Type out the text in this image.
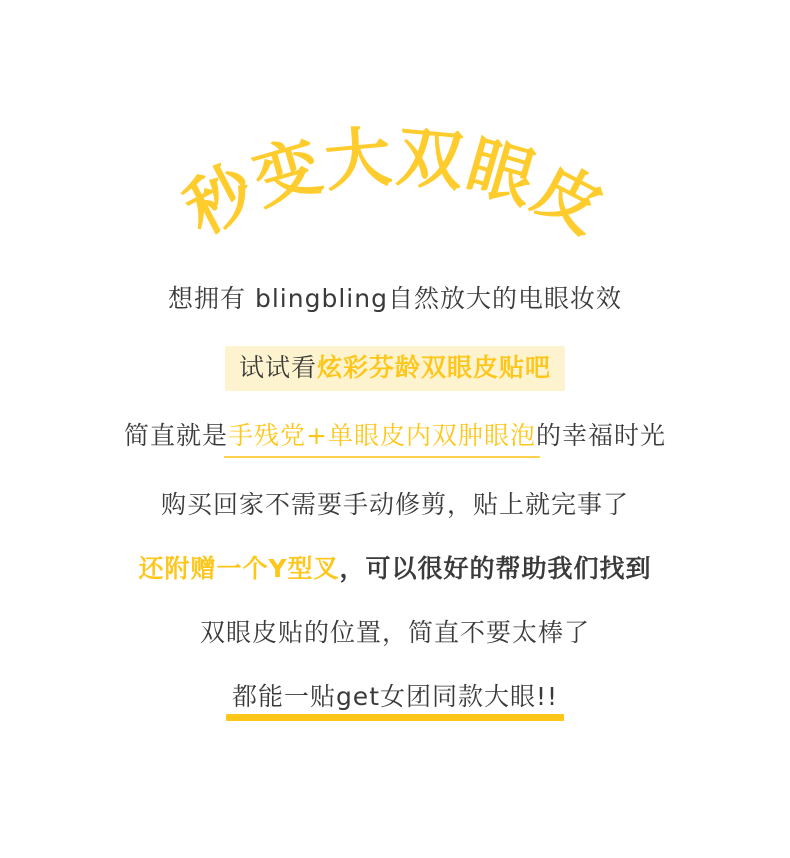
秒变大双眼皮

想拥有 blingbling自然放大的电眼妆效

试试看炫彩芬龄双眼皮贴吧

简直就是手残党+单眼皮内双肿眼泡的幸福时光

购买回家不需要手动修剪，贴上就完事了

还附赠一个Y型叉，可以很好的帮助我们找到

双眼皮贴的位置，简直不要太棒了

都能一贴get女团同款大眼!!
